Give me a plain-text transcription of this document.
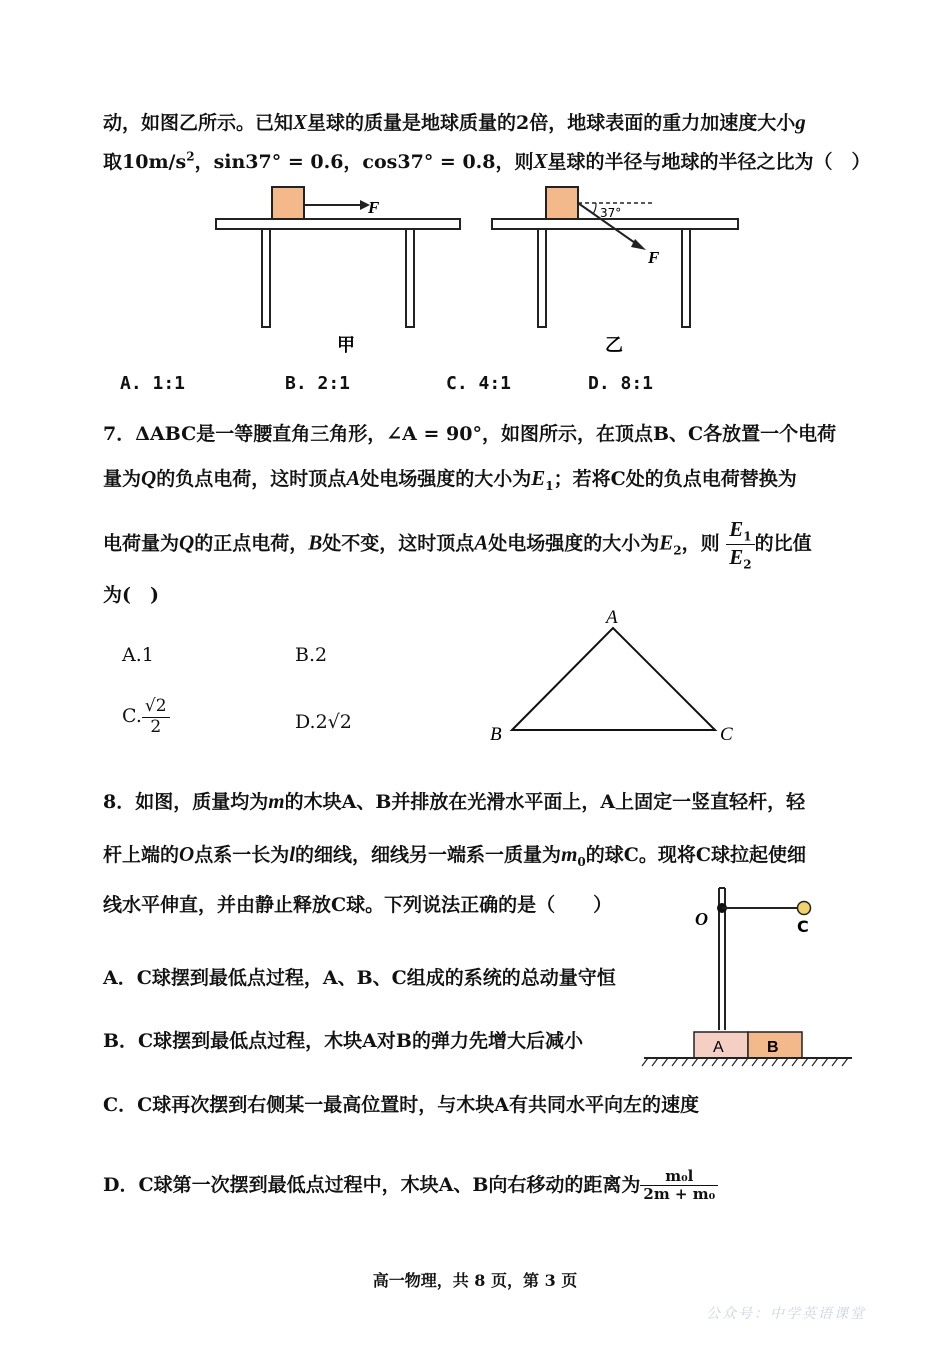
动，如图乙所示。已知X星球的质量是地球质量的2倍，地球表面的重力加速度大小g
取$10m/s^2$，sin37° = 0.6，cos37° = 0.8，则X星球的半径与地球的半径之比为（　）
F
甲
37°
F
乙
A. 1:1	B. 2:1	C. 4:1	D. 8:1
7．ΔABC是一等腰直角三角形，∠A = 90°，如图所示，在顶点B、C各放置一个电荷
量为Q的负点电荷，这时顶点A处电场强度的大小为$E_1$；若将C处的负点电荷替换为
电荷量为Q的正点电荷，B处不变，这时顶点A处电场强度的大小为$E_2$，则 $\frac{E_1}{E_2}$ 的比值
为(　)
A.1	B.2
C. $\frac{√2}{2}$	D.2√2
A
B	C
8．如图，质量均为m的木块A、B并排放在光滑水平面上，A上固定一竖直轻杆，轻
杆上端的O点系一长为l的细线，细线另一端系一质量为$m_0$的球C。现将C球拉起使细
线水平伸直，并由静止释放C球。下列说法正确的是（　　）
A．C球摆到最低点过程，A、B、C组成的系统的总动量守恒
B．C球摆到最低点过程，木块A对B的弹力先增大后减小
C．C球再次摆到右侧某一最高位置时，与木块A有共同水平向左的速度
D．C球第一次摆到最低点过程中，木块A、B向右移动的距离为 $\frac{\text{m₀l}}{\text{2m + m₀}}$
O	C
A	B
高一物理，共 8 页，第 3 页
公众号：中学英语课堂
